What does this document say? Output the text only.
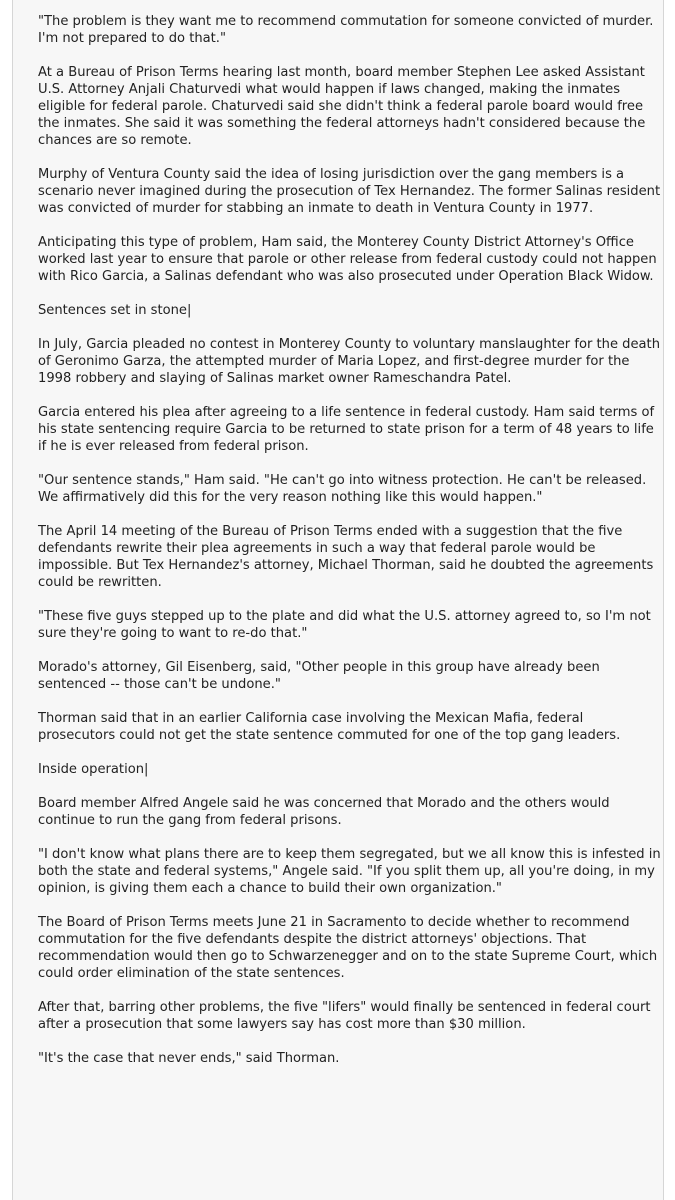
"The problem is they want me to recommend commutation for someone convicted of murder. I'm not prepared to do that."

At a Bureau of Prison Terms hearing last month, board member Stephen Lee asked Assistant U.S. Attorney Anjali Chaturvedi what would happen if laws changed, making the inmates eligible for federal parole. Chaturvedi said she didn't think a federal parole board would free the inmates. She said it was something the federal attorneys hadn't considered because the chances are so remote.

Murphy of Ventura County said the idea of losing jurisdiction over the gang members is a scenario never imagined during the prosecution of Tex Hernandez. The former Salinas resident was convicted of murder for stabbing an inmate to death in Ventura County in 1977.

Anticipating this type of problem, Ham said, the Monterey County District Attorney's Office worked last year to ensure that parole or other release from federal custody could not happen with Rico Garcia, a Salinas defendant who was also prosecuted under Operation Black Widow.

Sentences set in stone|

In July, Garcia pleaded no contest in Monterey County to voluntary manslaughter for the death of Geronimo Garza, the attempted murder of Maria Lopez, and first-degree murder for the 1998 robbery and slaying of Salinas market owner Rameschandra Patel.

Garcia entered his plea after agreeing to a life sentence in federal custody. Ham said terms of his state sentencing require Garcia to be returned to state prison for a term of 48 years to life if he is ever released from federal prison.

"Our sentence stands," Ham said. "He can't go into witness protection. He can't be released. We affirmatively did this for the very reason nothing like this would happen."

The April 14 meeting of the Bureau of Prison Terms ended with a suggestion that the five defendants rewrite their plea agreements in such a way that federal parole would be impossible. But Tex Hernandez's attorney, Michael Thorman, said he doubted the agreements could be rewritten.

"These five guys stepped up to the plate and did what the U.S. attorney agreed to, so I'm not sure they're going to want to re-do that."

Morado's attorney, Gil Eisenberg, said, "Other people in this group have already been sentenced -- those can't be undone."

Thorman said that in an earlier California case involving the Mexican Mafia, federal prosecutors could not get the state sentence commuted for one of the top gang leaders.

Inside operation|

Board member Alfred Angele said he was concerned that Morado and the others would continue to run the gang from federal prisons.

"I don't know what plans there are to keep them segregated, but we all know this is infested in both the state and federal systems," Angele said. "If you split them up, all you're doing, in my opinion, is giving them each a chance to build their own organization."

The Board of Prison Terms meets June 21 in Sacramento to decide whether to recommend commutation for the five defendants despite the district attorneys' objections. That recommendation would then go to Schwarzenegger and on to the state Supreme Court, which could order elimination of the state sentences.

After that, barring other problems, the five "lifers" would finally be sentenced in federal court after a prosecution that some lawyers say has cost more than $30 million.

"It's the case that never ends," said Thorman.
